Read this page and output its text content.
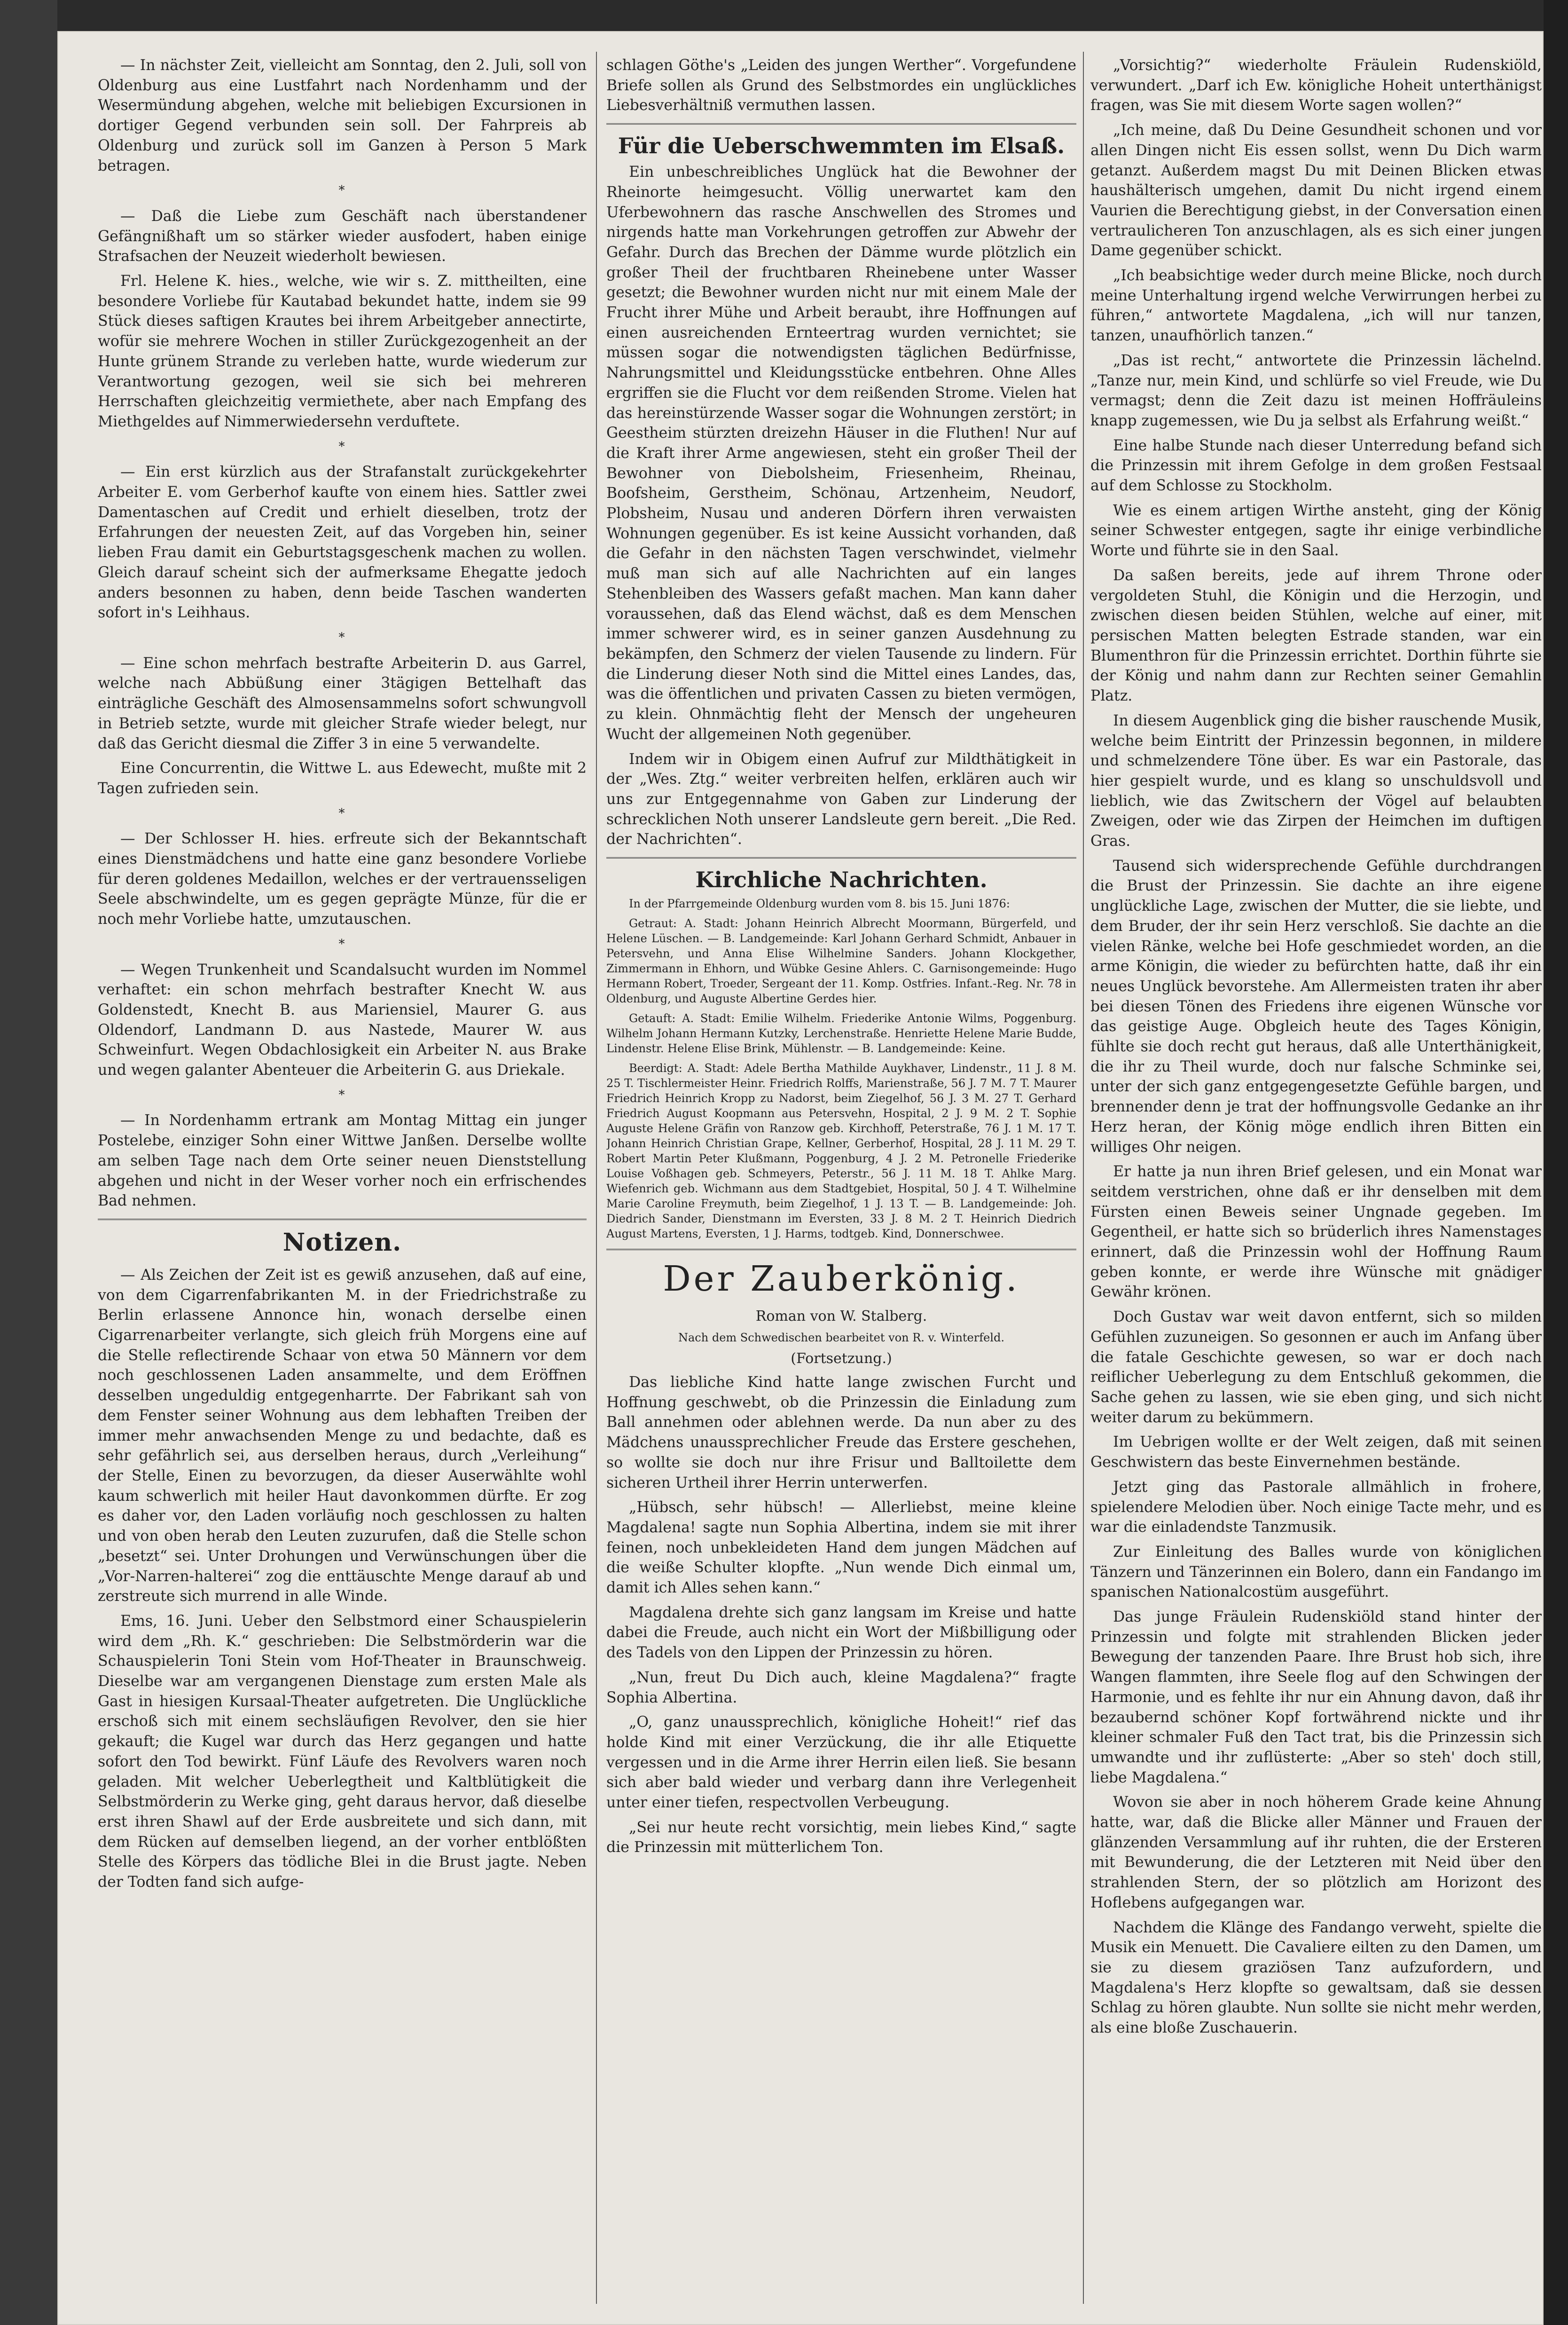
— In nächster Zeit, vielleicht am Sonntag, den 2. Juli, soll von Oldenburg aus eine Lustfahrt nach Nordenhamm und der Wesermündung abgehen, welche mit beliebigen Excursionen in dortiger Gegend verbunden sein soll. Der Fahrpreis ab Oldenburg und zurück soll im Ganzen à Person 5 Mark betragen.

*

— Daß die Liebe zum Geschäft nach überstandener Gefängnißhaft um so stärker wieder ausfodert, haben einige Strafsachen der Neuzeit wiederholt bewiesen.

Frl. Helene K. hies., welche, wie wir s. Z. mittheilten, eine besondere Vorliebe für Kautabad bekundet hatte, indem sie 99 Stück dieses saftigen Krautes bei ihrem Arbeitgeber annectirte, wofür sie mehrere Wochen in stiller Zurückgezogenheit an der Hunte grünem Strande zu verleben hatte, wurde wiederum zur Verantwortung gezogen, weil sie sich bei mehreren Herrschaften gleichzeitig vermiethete, aber nach Empfang des Miethgeldes auf Nimmerwiedersehn verduftete.

*

— Ein erst kürzlich aus der Strafanstalt zurückgekehrter Arbeiter E. vom Gerberhof kaufte von einem hies. Sattler zwei Damentaschen auf Credit und erhielt dieselben, trotz der Erfahrungen der neuesten Zeit, auf das Vorgeben hin, seiner lieben Frau damit ein Geburtstagsgeschenk machen zu wollen. Gleich darauf scheint sich der aufmerksame Ehegatte jedoch anders besonnen zu haben, denn beide Taschen wanderten sofort in's Leihhaus.

*

— Eine schon mehrfach bestrafte Arbeiterin D. aus Garrel, welche nach Abbüßung einer 3tägigen Bettelhaft das einträgliche Geschäft des Almosensammelns sofort schwungvoll in Betrieb setzte, wurde mit gleicher Strafe wieder belegt, nur daß das Gericht diesmal die Ziffer 3 in eine 5 verwandelte.

Eine Concurrentin, die Wittwe L. aus Edewecht, mußte mit 2 Tagen zufrieden sein.

*

— Der Schlosser H. hies. erfreute sich der Bekanntschaft eines Dienstmädchens und hatte eine ganz besondere Vorliebe für deren goldenes Medaillon, welches er der vertrauensseligen Seele abschwindelte, um es gegen geprägte Münze, für die er noch mehr Vorliebe hatte, umzutauschen.

*

— Wegen Trunkenheit und Scandalsucht wurden im Nommel verhaftet: ein schon mehrfach bestrafter Knecht W. aus Goldenstedt, Knecht B. aus Mariensiel, Maurer G. aus Oldendorf, Landmann D. aus Nastede, Maurer W. aus Schweinfurt. Wegen Obdachlosigkeit ein Arbeiter N. aus Brake und wegen galanter Abenteuer die Arbeiterin G. aus Driekale.

*

— In Nordenhamm ertrank am Montag Mittag ein junger Postelebe, einziger Sohn einer Wittwe Janßen. Derselbe wollte am selben Tage nach dem Orte seiner neuen Dienststellung abgehen und nicht in der Weser vorher noch ein erfrischendes Bad nehmen.

Notizen.

— Als Zeichen der Zeit ist es gewiß anzusehen, daß auf eine, von dem Cigarrenfabrikanten M. in der Friedrichstraße zu Berlin erlassene Annonce hin, wonach derselbe einen Cigarrenarbeiter verlangte, sich gleich früh Morgens eine auf die Stelle reflectirende Schaar von etwa 50 Männern vor dem noch geschlossenen Laden ansammelte, und dem Eröffnen desselben ungeduldig entgegenharrte. Der Fabrikant sah von dem Fenster seiner Wohnung aus dem lebhaften Treiben der immer mehr anwachsenden Menge zu und bedachte, daß es sehr gefährlich sei, aus derselben heraus, durch „Verleihung“ der Stelle, Einen zu bevorzugen, da dieser Auserwählte wohl kaum schwerlich mit heiler Haut davonkommen dürfte. Er zog es daher vor, den Laden vorläufig noch geschlossen zu halten und von oben herab den Leuten zuzurufen, daß die Stelle schon „besetzt“ sei. Unter Drohungen und Verwünschungen über die „Vor-Narren-halterei“ zog die enttäuschte Menge darauf ab und zerstreute sich murrend in alle Winde.

Ems, 16. Juni. Ueber den Selbstmord einer Schauspielerin wird dem „Rh. K.“ geschrieben: Die Selbstmörderin war die Schauspielerin Toni Stein vom Hof-Theater in Braunschweig. Dieselbe war am vergangenen Dienstage zum ersten Male als Gast in hiesigen Kursaal-Theater aufgetreten. Die Unglückliche erschoß sich mit einem sechsläufigen Revolver, den sie hier gekauft; die Kugel war durch das Herz gegangen und hatte sofort den Tod bewirkt. Fünf Läufe des Revolvers waren noch geladen. Mit welcher Ueberlegtheit und Kaltblütigkeit die Selbstmörderin zu Werke ging, geht daraus hervor, daß dieselbe erst ihren Shawl auf der Erde ausbreitete und sich dann, mit dem Rücken auf demselben liegend, an der vorher entblößten Stelle des Körpers das tödliche Blei in die Brust jagte. Neben der Todten fand sich aufge-

schlagen Göthe's „Leiden des jungen Werther“. Vorgefundene Briefe sollen als Grund des Selbstmordes ein unglückliches Liebesverhältniß vermuthen lassen.

Für die Ueberschwemmten im Elsaß.

Ein unbeschreibliches Unglück hat die Bewohner der Rheinorte heimgesucht. Völlig unerwartet kam den Uferbewohnern das rasche Anschwellen des Stromes und nirgends hatte man Vorkehrungen getroffen zur Abwehr der Gefahr. Durch das Brechen der Dämme wurde plötzlich ein großer Theil der fruchtbaren Rheinebene unter Wasser gesetzt; die Bewohner wurden nicht nur mit einem Male der Frucht ihrer Mühe und Arbeit beraubt, ihre Hoffnungen auf einen ausreichenden Ernteertrag wurden vernichtet; sie müssen sogar die notwendigsten täglichen Bedürfnisse, Nahrungsmittel und Kleidungsstücke entbehren. Ohne Alles ergriffen sie die Flucht vor dem reißenden Strome. Vielen hat das hereinstürzende Wasser sogar die Wohnungen zerstört; in Geestheim stürzten dreizehn Häuser in die Fluthen! Nur auf die Kraft ihrer Arme angewiesen, steht ein großer Theil der Bewohner von Diebolsheim, Friesenheim, Rheinau, Boofsheim, Gerstheim, Schönau, Artzenheim, Neudorf, Plobsheim, Nusau und anderen Dörfern ihren verwaisten Wohnungen gegenüber. Es ist keine Aussicht vorhanden, daß die Gefahr in den nächsten Tagen verschwindet, vielmehr muß man sich auf alle Nachrichten auf ein langes Stehenbleiben des Wassers gefaßt machen. Man kann daher voraussehen, daß das Elend wächst, daß es dem Menschen immer schwerer wird, es in seiner ganzen Ausdehnung zu bekämpfen, den Schmerz der vielen Tausende zu lindern. Für die Linderung dieser Noth sind die Mittel eines Landes, das, was die öffentlichen und privaten Cassen zu bieten vermögen, zu klein. Ohnmächtig fleht der Mensch der ungeheuren Wucht der allgemeinen Noth gegenüber.

Indem wir in Obigem einen Aufruf zur Mildthätigkeit in der „Wes. Ztg.“ weiter verbreiten helfen, erklären auch wir uns zur Entgegennahme von Gaben zur Linderung der schrecklichen Noth unserer Landsleute gern bereit. „Die Red. der Nachrichten“.

Kirchliche Nachrichten.

In der Pfarrgemeinde Oldenburg wurden vom 8. bis 15. Juni 1876:

Getraut: A. Stadt: Johann Heinrich Albrecht Moormann, Bürgerfeld, und Helene Lüschen. — B. Landgemeinde: Karl Johann Gerhard Schmidt, Anbauer in Petersvehn, und Anna Elise Wilhelmine Sanders. Johann Klockgether, Zimmermann in Ehhorn, und Wübke Gesine Ahlers. C. Garnisongemeinde: Hugo Hermann Robert, Troeder, Sergeant der 11. Komp. Ostfries. Infant.-Reg. Nr. 78 in Oldenburg, und Auguste Albertine Gerdes hier.

Getauft: A. Stadt: Emilie Wilhelm. Friederike Antonie Wilms, Poggenburg. Wilhelm Johann Hermann Kutzky, Lerchenstraße. Henriette Helene Marie Budde, Lindenstr. Helene Elise Brink, Mühlenstr. — B. Landgemeinde: Keine.

Beerdigt: A. Stadt: Adele Bertha Mathilde Auykhaver, Lindenstr., 11 J. 8 M. 25 T. Tischlermeister Heinr. Friedrich Rolffs, Marienstraße, 56 J. 7 M. 7 T. Maurer Friedrich Heinrich Kropp zu Nadorst, beim Ziegelhof, 56 J. 3 M. 27 T. Gerhard Friedrich August Koopmann aus Petersvehn, Hospital, 2 J. 9 M. 2 T. Sophie Auguste Helene Gräfin von Ranzow geb. Kirchhoff, Peterstraße, 76 J. 1 M. 17 T. Johann Heinrich Christian Grape, Kellner, Gerberhof, Hospital, 28 J. 11 M. 29 T. Robert Martin Peter Klußmann, Poggenburg, 4 J. 2 M. Petronelle Friederike Louise Voßhagen geb. Schmeyers, Peterstr., 56 J. 11 M. 18 T. Ahlke Marg. Wiefenrich geb. Wichmann aus dem Stadtgebiet, Hospital, 50 J. 4 T. Wilhelmine Marie Caroline Freymuth, beim Ziegelhof, 1 J. 13 T. — B. Landgemeinde: Joh. Diedrich Sander, Dienstmann im Eversten, 33 J. 8 M. 2 T. Heinrich Diedrich August Martens, Eversten, 1 J. Harms, todtgeb. Kind, Donnerschwee.

Der Zauberkönig.

Roman von W. Stalberg.

Nach dem Schwedischen bearbeitet von R. v. Winterfeld.

(Fortsetzung.)

Das liebliche Kind hatte lange zwischen Furcht und Hoffnung geschwebt, ob die Prinzessin die Einladung zum Ball annehmen oder ablehnen werde. Da nun aber zu des Mädchens unaussprechlicher Freude das Erstere geschehen, so wollte sie doch nur ihre Frisur und Balltoilette dem sicheren Urtheil ihrer Herrin unterwerfen.

„Hübsch, sehr hübsch! — Allerliebst, meine kleine Magdalena! sagte nun Sophia Albertina, indem sie mit ihrer feinen, noch unbekleideten Hand dem jungen Mädchen auf die weiße Schulter klopfte. „Nun wende Dich einmal um, damit ich Alles sehen kann.“

Magdalena drehte sich ganz langsam im Kreise und hatte dabei die Freude, auch nicht ein Wort der Mißbilligung oder des Tadels von den Lippen der Prinzessin zu hören.

„Nun, freut Du Dich auch, kleine Magdalena?“ fragte Sophia Albertina.

„O, ganz unaussprechlich, königliche Hoheit!“ rief das holde Kind mit einer Verzückung, die ihr alle Etiquette vergessen und in die Arme ihrer Herrin eilen ließ. Sie besann sich aber bald wieder und verbarg dann ihre Verlegenheit unter einer tiefen, respectvollen Verbeugung.

„Sei nur heute recht vorsichtig, mein liebes Kind,“ sagte die Prinzessin mit mütterlichem Ton.

„Vorsichtig?“ wiederholte Fräulein Rudenskiöld, verwundert. „Darf ich Ew. königliche Hoheit unterthänigst fragen, was Sie mit diesem Worte sagen wollen?“

„Ich meine, daß Du Deine Gesundheit schonen und vor allen Dingen nicht Eis essen sollst, wenn Du Dich warm getanzt. Außerdem magst Du mit Deinen Blicken etwas haushälterisch umgehen, damit Du nicht irgend einem Vaurien die Berechtigung giebst, in der Conversation einen vertraulicheren Ton anzuschlagen, als es sich einer jungen Dame gegenüber schickt.

„Ich beabsichtige weder durch meine Blicke, noch durch meine Unterhaltung irgend welche Verwirrungen herbei zu führen,“ antwortete Magdalena, „ich will nur tanzen, tanzen, unaufhörlich tanzen.“

„Das ist recht,“ antwortete die Prinzessin lächelnd. „Tanze nur, mein Kind, und schlürfe so viel Freude, wie Du vermagst; denn die Zeit dazu ist meinen Hoffräuleins knapp zugemessen, wie Du ja selbst als Erfahrung weißt.“

Eine halbe Stunde nach dieser Unterredung befand sich die Prinzessin mit ihrem Gefolge in dem großen Festsaal auf dem Schlosse zu Stockholm.

Wie es einem artigen Wirthe ansteht, ging der König seiner Schwester entgegen, sagte ihr einige verbindliche Worte und führte sie in den Saal.

Da saßen bereits, jede auf ihrem Throne oder vergoldeten Stuhl, die Königin und die Herzogin, und zwischen diesen beiden Stühlen, welche auf einer, mit persischen Matten belegten Estrade standen, war ein Blumenthron für die Prinzessin errichtet. Dorthin führte sie der König und nahm dann zur Rechten seiner Gemahlin Platz.

In diesem Augenblick ging die bisher rauschende Musik, welche beim Eintritt der Prinzessin begonnen, in mildere und schmelzendere Töne über. Es war ein Pastorale, das hier gespielt wurde, und es klang so unschuldsvoll und lieblich, wie das Zwitschern der Vögel auf belaubten Zweigen, oder wie das Zirpen der Heimchen im duftigen Gras.

Tausend sich widersprechende Gefühle durchdrangen die Brust der Prinzessin. Sie dachte an ihre eigene unglückliche Lage, zwischen der Mutter, die sie liebte, und dem Bruder, der ihr sein Herz verschloß. Sie dachte an die vielen Ränke, welche bei Hofe geschmiedet worden, an die arme Königin, die wieder zu befürchten hatte, daß ihr ein neues Unglück bevorstehe. Am Allermeisten traten ihr aber bei diesen Tönen des Friedens ihre eigenen Wünsche vor das geistige Auge. Obgleich heute des Tages Königin, fühlte sie doch recht gut heraus, daß alle Unterthänigkeit, die ihr zu Theil wurde, doch nur falsche Schminke sei, unter der sich ganz entgegengesetzte Gefühle bargen, und brennender denn je trat der hoffnungsvolle Gedanke an ihr Herz heran, der König möge endlich ihren Bitten ein williges Ohr neigen.

Er hatte ja nun ihren Brief gelesen, und ein Monat war seitdem verstrichen, ohne daß er ihr denselben mit dem Fürsten einen Beweis seiner Ungnade gegeben. Im Gegentheil, er hatte sich so brüderlich ihres Namenstages erinnert, daß die Prinzessin wohl der Hoffnung Raum geben konnte, er werde ihre Wünsche mit gnädiger Gewähr krönen.

Doch Gustav war weit davon entfernt, sich so milden Gefühlen zuzuneigen. So gesonnen er auch im Anfang über die fatale Geschichte gewesen, so war er doch nach reiflicher Ueberlegung zu dem Entschluß gekommen, die Sache gehen zu lassen, wie sie eben ging, und sich nicht weiter darum zu bekümmern.

Im Uebrigen wollte er der Welt zeigen, daß mit seinen Geschwistern das beste Einvernehmen bestände.

Jetzt ging das Pastorale allmählich in frohere, spielendere Melodien über. Noch einige Tacte mehr, und es war die einladendste Tanzmusik.

Zur Einleitung des Balles wurde von königlichen Tänzern und Tänzerinnen ein Bolero, dann ein Fandango im spanischen Nationalcostüm ausgeführt.

Das junge Fräulein Rudenskiöld stand hinter der Prinzessin und folgte mit strahlenden Blicken jeder Bewegung der tanzenden Paare. Ihre Brust hob sich, ihre Wangen flammten, ihre Seele flog auf den Schwingen der Harmonie, und es fehlte ihr nur ein Ahnung davon, daß ihr bezaubernd schöner Kopf fortwährend nickte und ihr kleiner schmaler Fuß den Tact trat, bis die Prinzessin sich umwandte und ihr zuflüsterte: „Aber so steh' doch still, liebe Magdalena.“

Wovon sie aber in noch höherem Grade keine Ahnung hatte, war, daß die Blicke aller Männer und Frauen der glänzenden Versammlung auf ihr ruhten, die der Ersteren mit Bewunderung, die der Letzteren mit Neid über den strahlenden Stern, der so plötzlich am Horizont des Hoflebens aufgegangen war.

Nachdem die Klänge des Fandango verweht, spielte die Musik ein Menuett. Die Cavaliere eilten zu den Damen, um sie zu diesem graziösen Tanz aufzufordern, und Magdalena's Herz klopfte so gewaltsam, daß sie dessen Schlag zu hören glaubte. Nun sollte sie nicht mehr werden, als eine bloße Zuschauerin.
